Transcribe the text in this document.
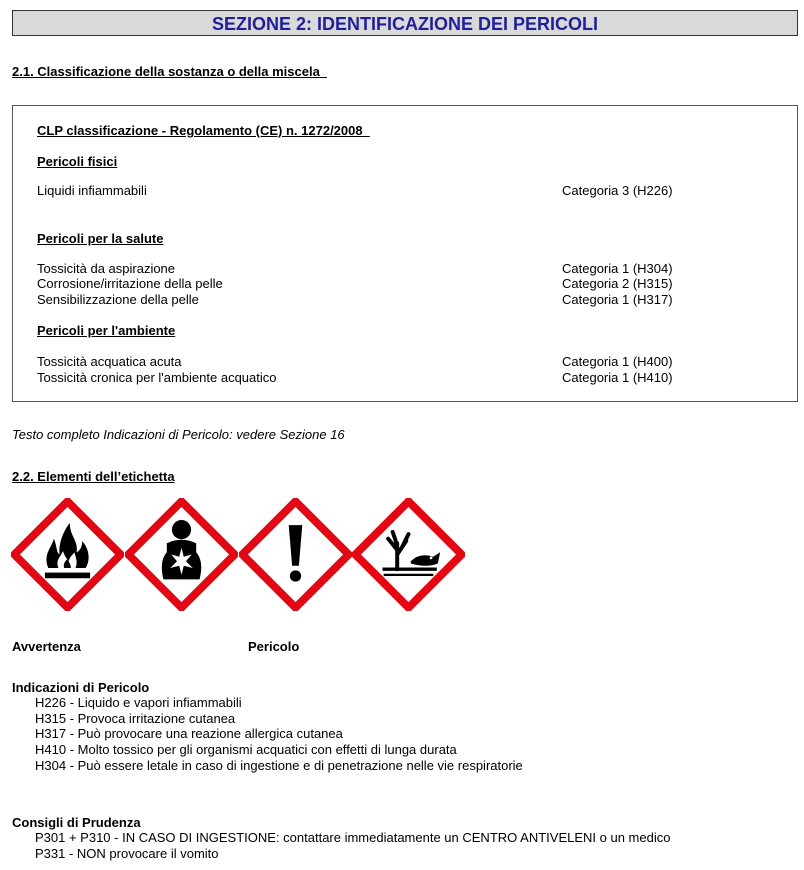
SEZIONE 2: IDENTIFICAZIONE DEI PERICOLI
2.1. Classificazione della sostanza o della miscela
CLP classificazione - Regolamento (CE) n. 1272/2008
Pericoli fisici
Liquidi infiammabili	Categoria 3 (H226)
Pericoli per la salute
Tossicità da aspirazione	Categoria 1 (H304)
Corrosione/irritazione della pelle	Categoria 2 (H315)
Sensibilizzazione della pelle	Categoria 1 (H317)
Pericoli per l'ambiente
Tossicità acquatica acuta	Categoria 1 (H400)
Tossicità cronica per l'ambiente acquatico	Categoria 1 (H410)
Testo completo Indicazioni di Pericolo: vedere Sezione 16
2.2. Elementi dell’etichetta
Avvertenza	Pericolo
Indicazioni di Pericolo
H226 - Liquido e vapori infiammabili
H315 - Provoca irritazione cutanea
H317 - Può provocare una reazione allergica cutanea
H410 - Molto tossico per gli organismi acquatici con effetti di lunga durata
H304 - Può essere letale in caso di ingestione e di penetrazione nelle vie respiratorie
Consigli di Prudenza
P301 + P310 - IN CASO DI INGESTIONE: contattare immediatamente un CENTRO ANTIVELENI o un medico
P331 - NON provocare il vomito
